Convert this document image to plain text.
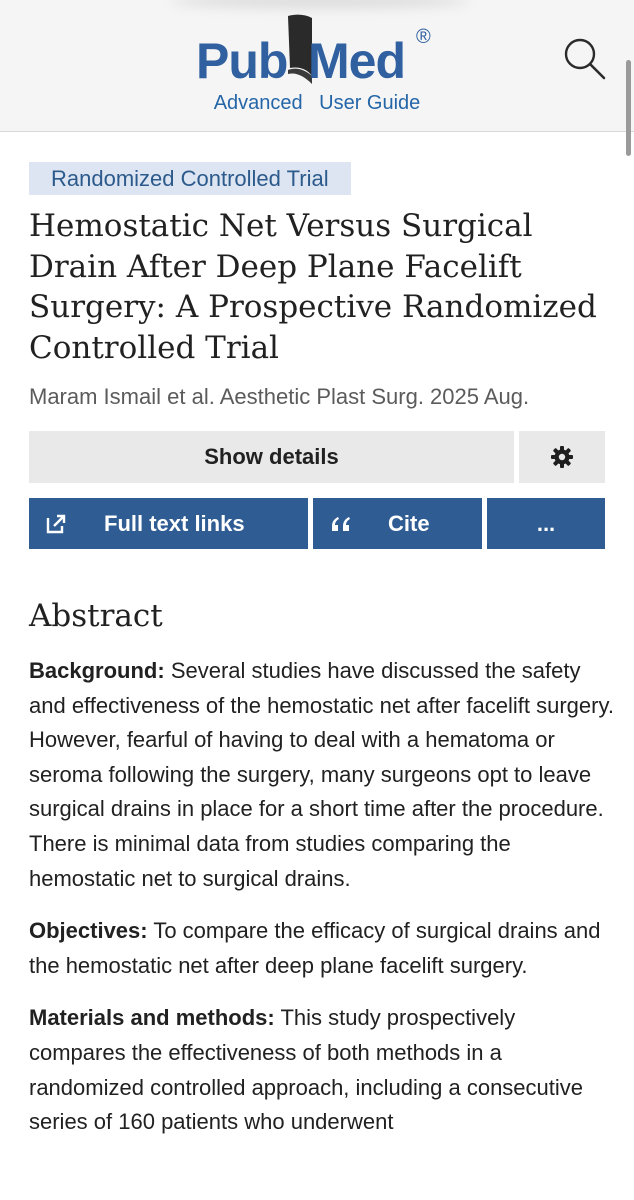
Pub Med ®
Advanced User Guide
Randomized Controlled Trial
Hemostatic Net Versus Surgical Drain After Deep Plane Facelift Surgery: A Prospective Randomized Controlled Trial
Maram Ismail et al. Aesthetic Plast Surg. 2025 Aug.
Show details
Full text links	Cite	...
Abstract

Background: Several studies have discussed the safety and effectiveness of the hemostatic net after facelift surgery. However, fearful of having to deal with a hematoma or seroma following the surgery, many surgeons opt to leave surgical drains in place for a short time after the procedure. There is minimal data from studies comparing the hemostatic net to surgical drains.

Objectives: To compare the efficacy of surgical drains and the hemostatic net after deep plane facelift surgery.

Materials and methods: This study prospectively compares the effectiveness of both methods in a randomized controlled approach, including a consecutive series of 160 patients who underwent
